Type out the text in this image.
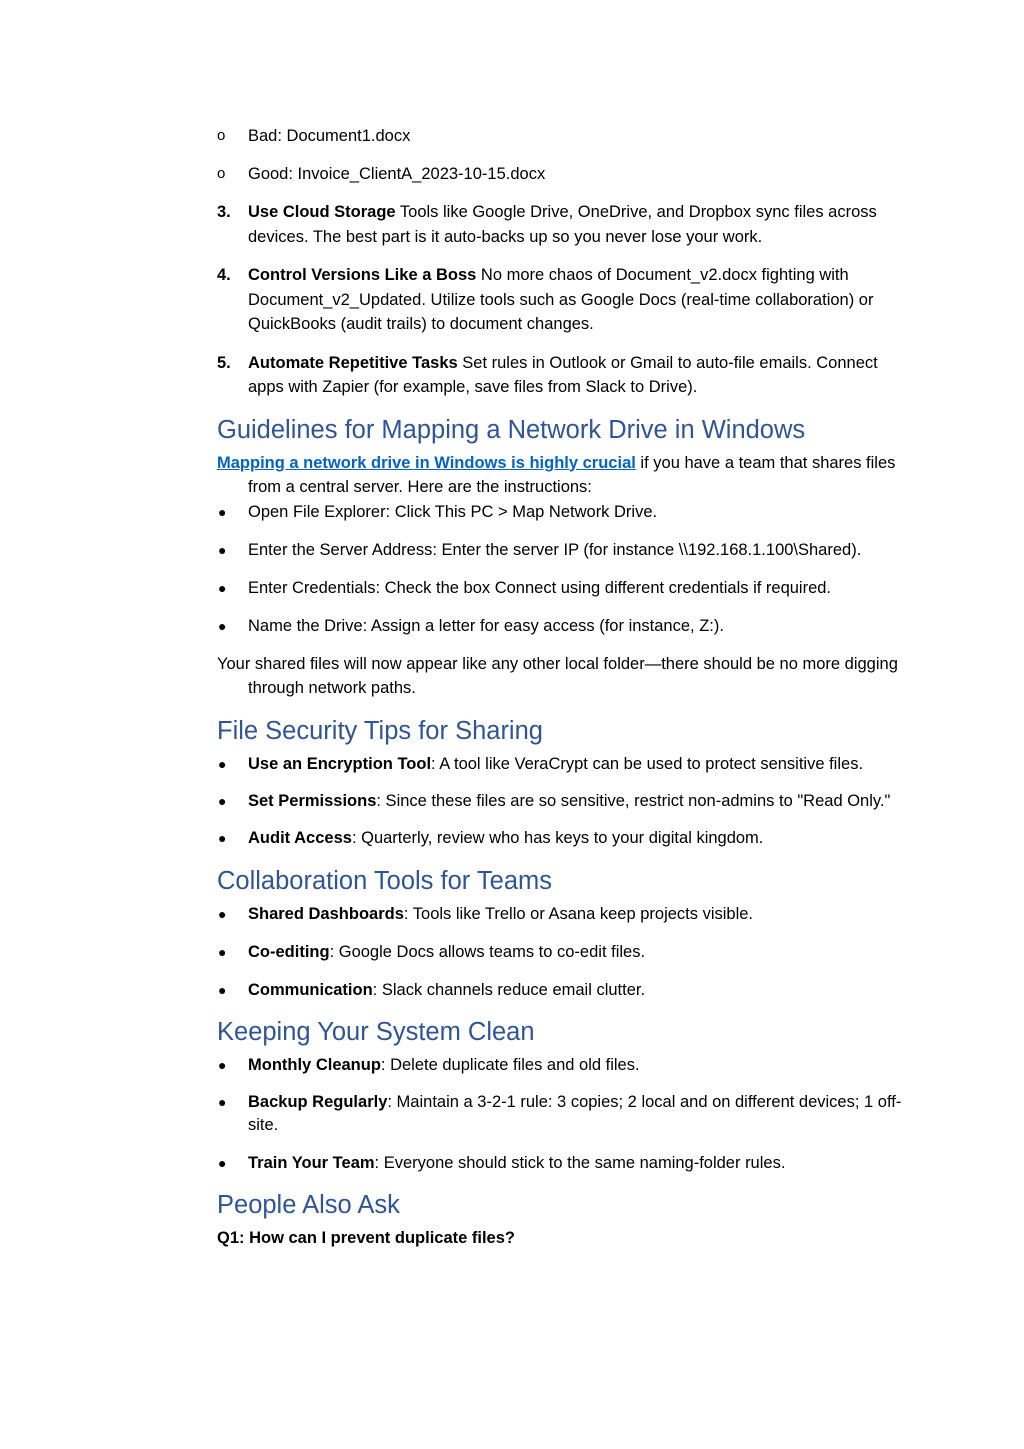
o Bad: Document1.docx
o Good: Invoice_ClientA_2023-10-15.docx
3. Use Cloud Storage Tools like Google Drive, OneDrive, and Dropbox sync files across devices. The best part is it auto-backs up so you never lose your work.
4. Control Versions Like a Boss No more chaos of Document_v2.docx fighting with Document_v2_Updated. Utilize tools such as Google Docs (real-time collaboration) or QuickBooks (audit trails) to document changes.
5. Automate Repetitive Tasks Set rules in Outlook or Gmail to auto-file emails. Connect apps with Zapier (for example, save files from Slack to Drive).
Guidelines for Mapping a Network Drive in Windows

Mapping a network drive in Windows is highly crucial if you have a team that shares files from a central server. Here are the instructions:

● Open File Explorer: Click This PC > Map Network Drive.
● Enter the Server Address: Enter the server IP (for instance \\192.168.1.100\Shared).
● Enter Credentials: Check the box Connect using different credentials if required.
● Name the Drive: Assign a letter for easy access (for instance, Z:).

Your shared files will now appear like any other local folder—there should be no more digging through network paths.

File Security Tips for Sharing
● Use an Encryption Tool: A tool like VeraCrypt can be used to protect sensitive files.
● Set Permissions: Since these files are so sensitive, restrict non-admins to "Read Only."
● Audit Access: Quarterly, review who has keys to your digital kingdom.
Collaboration Tools for Teams
● Shared Dashboards: Tools like Trello or Asana keep projects visible.
● Co-editing: Google Docs allows teams to co-edit files.
● Communication: Slack channels reduce email clutter.
Keeping Your System Clean
● Monthly Cleanup: Delete duplicate files and old files.
● Backup Regularly: Maintain a 3-2-1 rule: 3 copies; 2 local and on different devices; 1 off-site.
● Train Your Team: Everyone should stick to the same naming-folder rules.
People Also Ask

Q1: How can I prevent duplicate files?
